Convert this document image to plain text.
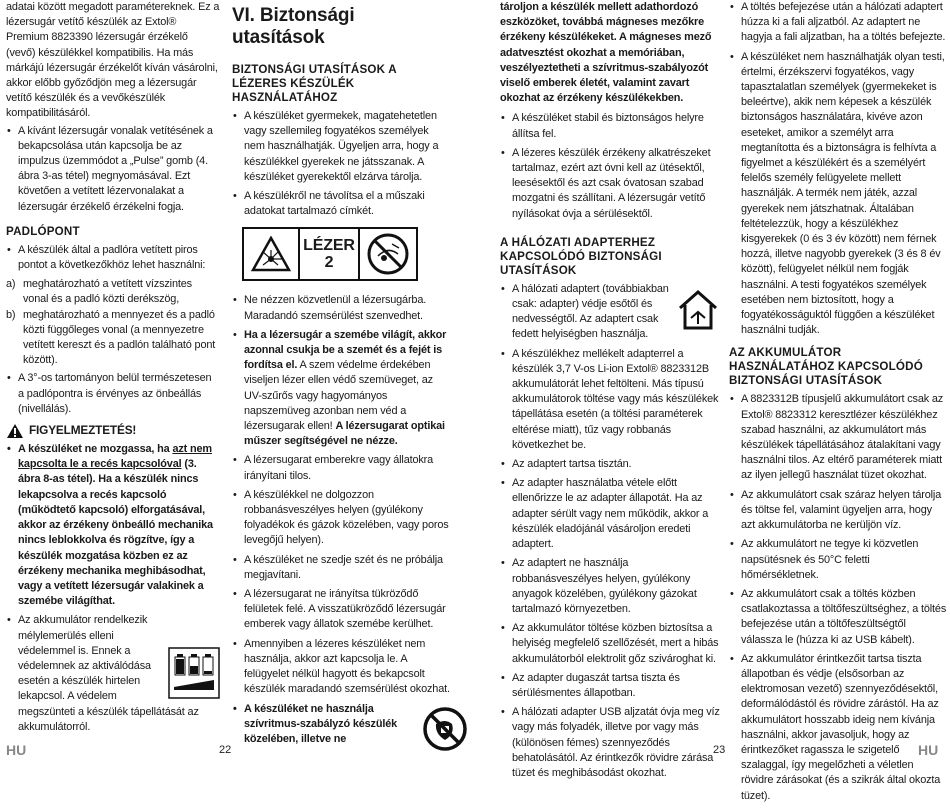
adatai között megadott paramétereknek. Ez a lézersugár vetítő készülék az Extol® Premium 8823390 lézersugár érzékelő (vevő) készülékkel kompatibilis. Ha más márkájú lézersugár érzékelőt kíván vásárolni, akkor előbb győződjön meg a lézersugár vetítő készülék és a vevőkészülék kompatibilitásáról.

• A kívánt lézersugár vonalak vetítésének a bekapcsolása után kapcsolja be az impulzus üzemmódot a „Pulse” gomb (4. ábra 3-as tétel) megnyomásával. Ezt követően a vetített lézervonalakat a lézersugár érzékelő érzékelni fogja.
PADLÓPONT
• A készülék által a padlóra vetített piros pontot a következőkhöz lehet használni:
a) meghatározható a vetített vízszintes vonal és a padló közti derékszög,
b) meghatározható a mennyezet és a padló közti függőleges vonal (a mennyezetre vetített kereszt és a padlón található pont között).
• A 3°-os tartományon belül természetesen a padlópontra is érvényes az önbeállás (nivellálás).
FIGYELMEZTETÉS!
• A készüléket ne mozgassa, ha azt nem kapcsolta le a recés kapcsolóval (3. ábra 8-as tétel). Ha a készülék nincs lekapcsolva a recés kapcsoló (működtető kapcsoló) elforgatásával, akkor az érzékeny önbeálló mechanika nincs leblokkolva és rögzítve, így a készülék mozgatása közben ez az érzékeny mechanika meghibásodhat, vagy a vetített lézersugár valakinek a szemébe világíthat.
• Az akkumulátor rendelkezik mélylemerülés elleni védelemmel is. Ennek a védelemnek az aktiválódása esetén a készülék hirtelen lekapcsol. A védelem megszünteti a készülék tápellátását az akkumulátorról.
VI. Biztonsági utasítások
BIZTONSÁGI UTASÍTÁSOK A LÉZERES KÉSZÜLÉK HASZNÁLATÁHOZ
• A készüléket gyermekek, magatehetetlen vagy szellemileg fogyatékos személyek nem használhatják. Ügyeljen arra, hogy a készülékkel gyerekek ne játsszanak. A készüléket gyerekektől elzárva tárolja.
• A készülékről ne távolítsa el a műszaki adatokat tartalmazó címkét.
LÉZER
2
• Ne nézzen közvetlenül a lézersugárba. Maradandó szemsérülést szenvedhet.
• Ha a lézersugár a szemébe világít, akkor azonnal csukja be a szemét és a fejét is fordítsa el. A szem védelme érdekében viseljen lézer ellen védő szemüveget, az UV-szűrős vagy hagyományos napszemüveg azonban nem véd a lézersugarak ellen! A lézersugarat optikai műszer segítségével ne nézze.
• A lézersugarat emberekre vagy állatokra irányítani tilos.
• A készülékkel ne dolgozzon robbanásveszélyes helyen (gyúlékony folyadékok és gázok közelében, vagy poros levegőjű helyen).
• A készüléket ne szedje szét és ne próbálja megjavítani.
• A lézersugarat ne irányítsa tükröződő felületek felé. A visszatükröződő lézersugár emberek vagy állatok szemébe kerülhet.
• Amennyiben a lézeres készüléket nem használja, akkor azt kapcsolja le. A felügyelet nélkül hagyott és bekapcsolt készülék maradandó szemsérülést okozhat.
• A készüléket ne használja szívritmus-szabályzó készülék közelében, illetve ne

tároljon a készülék mellett adathordozó eszközöket, továbbá mágneses mezőkre érzékeny készülékeket. A mágneses mező adatvesztést okozhat a memóriában, veszélyeztetheti a szívritmus-szabályozót viselő emberek életét, valamint zavart okozhat az érzékeny készülékekben.

• A készüléket stabil és biztonságos helyre állítsa fel.
• A lézeres készülék érzékeny alkatrészeket tartalmaz, ezért azt óvni kell az ütésektől, leesésektől és azt csak óvatosan szabad mozgatni és szállítani. A lézersugár vetítő nyílásokat óvja a sérülésektől.
A HÁLÓZATI ADAPTERHEZ KAPCSOLÓDÓ BIZTONSÁGI UTASÍTÁSOK
• A hálózati adaptert (továbbiakban csak: adapter) védje esőtől és nedvességtől. Az adaptert csak fedett helyiségben használja.
• A készülékhez mellékelt adapterrel a készülék 3,7 V-os Li-ion Extol® 8823312B akkumulátorát lehet feltölteni. Más típusú akkumulátorok töltése vagy más készülékek tápellátása esetén (a töltési paraméterek eltérése miatt), tűz vagy robbanás következhet be.
• Az adaptert tartsa tisztán.
• Az adapter használatba vétele előtt ellenőrizze le az adapter állapotát. Ha az adapter sérült vagy nem működik, akkor a készülék eladójánál vásároljon eredeti adaptert.
• Az adaptert ne használja robbanásveszélyes helyen, gyúlékony anyagok közelében, gyúlékony gázokat tartalmazó környezetben.
• Az akkumulátor töltése közben biztosítsa a helyiség megfelelő szellőzését, mert a hibás akkumulátorból elektrolit gőz szivároghat ki.
• Az adapter dugaszát tartsa tiszta és sérülésmentes állapotban.
• A hálózati adapter USB aljzatát óvja meg víz vagy más folyadék, illetve por vagy más (különösen fémes) szennyeződés behatolásától. Az érintkezők rövidre zárása tüzet és meghibásodást okozhat.
• A töltés befejezése után a hálózati adaptert húzza ki a fali aljzatból. Az adaptert ne hagyja a fali aljzatban, ha a töltés befejezte.
• A készüléket nem használhatják olyan testi, értelmi, érzékszervi fogyatékos, vagy tapasztalatlan személyek (gyermekeket is beleértve), akik nem képesek a készülék biztonságos használatára, kivéve azon eseteket, amikor a személyt arra megtanította és a biztonságra is felhívta a figyelmet a készülékért és a személyért felelős személy felügyelete mellett használják. A termék nem játék, azzal gyerekek nem játszhatnak. Általában feltételezzük, hogy a készülékhez kisgyerekek (0 és 3 év között) nem férnek hozzá, illetve nagyobb gyerekek (3 és 8 év között), felügyelet nélkül nem fogják használni. A testi fogyatékos személyek esetében nem biztosított, hogy a fogyatékosságuktól függően a készüléket használni tudják.
AZ AKKUMULÁTOR HASZNÁLATÁHOZ KAPCSOLÓDÓ BIZTONSÁGI UTASÍTÁSOK
• A 8823312B típusjelű akkumulátort csak az Extol® 8823312 keresztlézer készülékhez szabad használni, az akkumulátort más készülékek tápellátásához átalakítani vagy használni tilos. Az eltérő paraméterek miatt az ilyen jellegű használat tüzet okozhat.
• Az akkumulátort csak száraz helyen tárolja és töltse fel, valamint ügyeljen arra, hogy azt akkumulátorba ne kerüljön víz.
• Az akkumulátort ne tegye ki közvetlen napsütésnek és 50°C feletti hőmérsékletnek.
• Az akkumulátort csak a töltés közben csatlakoztassa a töltőfeszültséghez, a töltés befejezése után a töltőfeszültségtől válassza le (húzza ki az USB kábelt).
• Az akkumulátor érintkezőit tartsa tiszta állapotban és védje (elsősorban az elektromosan vezető) szennyeződésektől, deformálódástól és rövidre zárástól. Ha az akkumulátort hosszabb ideig nem kívánja használni, akkor javasoljuk, hogy az érintkezőket ragassza le szigetelő szalaggal, így megelőzheti a véletlen rövidre zárásokat (és a szikrák által okozta tüzet).
HU	22	23	HU
